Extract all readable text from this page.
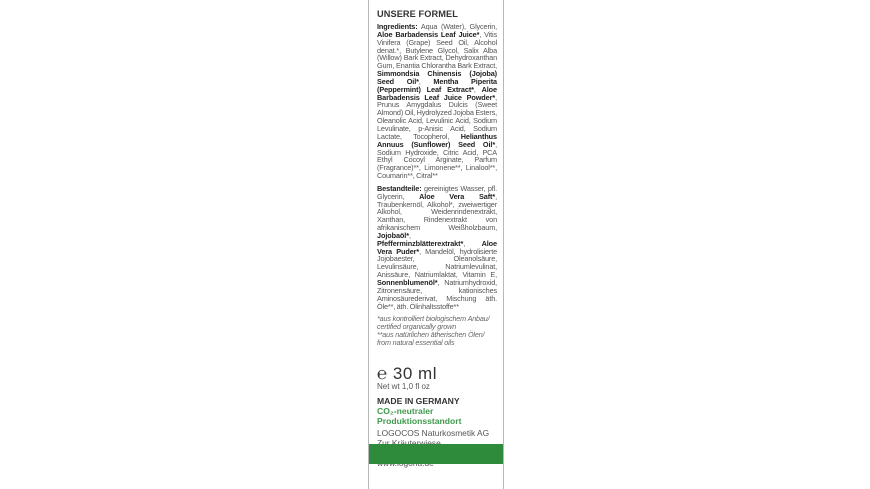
UNSERE FORMEL

Ingredients: Aqua (Water), Glycerin, Aloe Barbadensis Leaf Juice*, Vitis Vinifera (Grape) Seed Oil, Alcohol denat.*, Butylene Glycol, Salix Alba (Willow) Bark Extract, Dehydroxanthan Gum, Enantia Chlorantha Bark Extract, Simmondsia Chinensis (Jojoba) Seed Oil*, Mentha Piperita (Peppermint) Leaf Extract*, Aloe Barbadensis Leaf Juice Powder*, Prunus Amygdalus Dulcis (Sweet Almond) Oil, Hydrolyzed Jojoba Esters, Oleanolic Acid, Levulinic Acid, Sodium Levulinate, p-Anisic Acid, Sodium Lactate, Tocopherol, Helianthus Annuus (Sunflower) Seed Oil*, Sodium Hydroxide, Citric Acid, PCA Ethyl Cocoyl Arginate, Parfum (Fragrance)**, Limonene**, Linalool**, Coumarin**, Citral**

Bestandteile: gereinigtes Wasser, pfl. Glycerin, Aloe Vera Saft*, Traubenkernöl, Alkohol*, zweiwertiger Alkohol, Weidenrindenextrakt, Xanthan, Rindenextrakt von afrikanischem Weißholzbaum, Jojobaöl*, Pfefferminzblätterextrakt*, Aloe Vera Puder*, Mandelöl, hydrolisierte Jojobaester, Oleanolsäure, Levulinsäure, Natriumlevulinat, Anissäure, Natriumlaktat, Vitamin E, Sonnenblumenöl*, Natriumhydroxid, Zitronensäure, kationisches Aminosäurederivat, Mischung äth. Öle**, äth. Ölinhaltsstoffe**

*aus kontrolliert biologischem Anbau/

certified organically grown

**aus natürlichen ätherischen Ölen/

from natural essential oils

℮ 30 ml
Net wt 1,0 fl oz
MADE IN GERMANY
CO₂-neutraler
Produktionsstandort
LOGOCOS Naturkosmetik AG
